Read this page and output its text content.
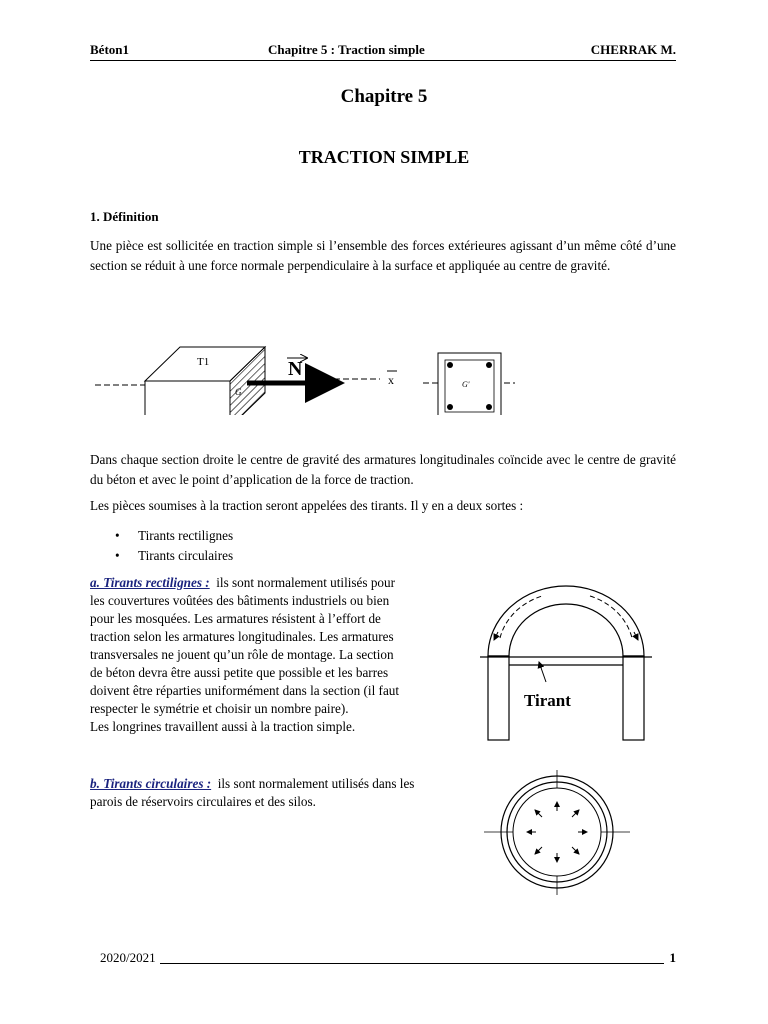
Béton1	Chapitre 5 : Traction simple	CHERRAK M.
Chapitre 5
TRACTION SIMPLE
1. Définition
Une pièce est sollicitée en traction simple si l’ensemble des forces extérieures agissant d’un même côté d’une section se réduit à une force normale perpendiculaire à la surface et appliquée au centre de gravité.
T1
G
N	x	G'
Dans chaque section droite le centre de gravité des armatures longitudinales coïncide avec le centre de gravité du béton et avec le point d’application de la force de traction.
Les pièces soumises à la traction seront appelées des tirants. Il y en a deux sortes :
• Tirants rectilignes
• Tirants circulaires
a. Tirants rectilignes : ils sont normalement utilisés pour
les couvertures voûtées des bâtiments industriels ou bien
pour les mosquées. Les armatures résistent à l’effort de
traction selon les armatures longitudinales. Les armatures
transversales ne jouent qu’un rôle de montage. La section
de béton devra être aussi petite que possible et les barres
doivent être réparties uniformément dans la section (il faut
respecter le symétrie et choisir un nombre paire).
Les longrines travaillent aussi à la traction simple.
Tirant
b. Tirants circulaires : ils sont normalement utilisés dans les
parois de réservoirs circulaires et des silos.
2020/2021	1
